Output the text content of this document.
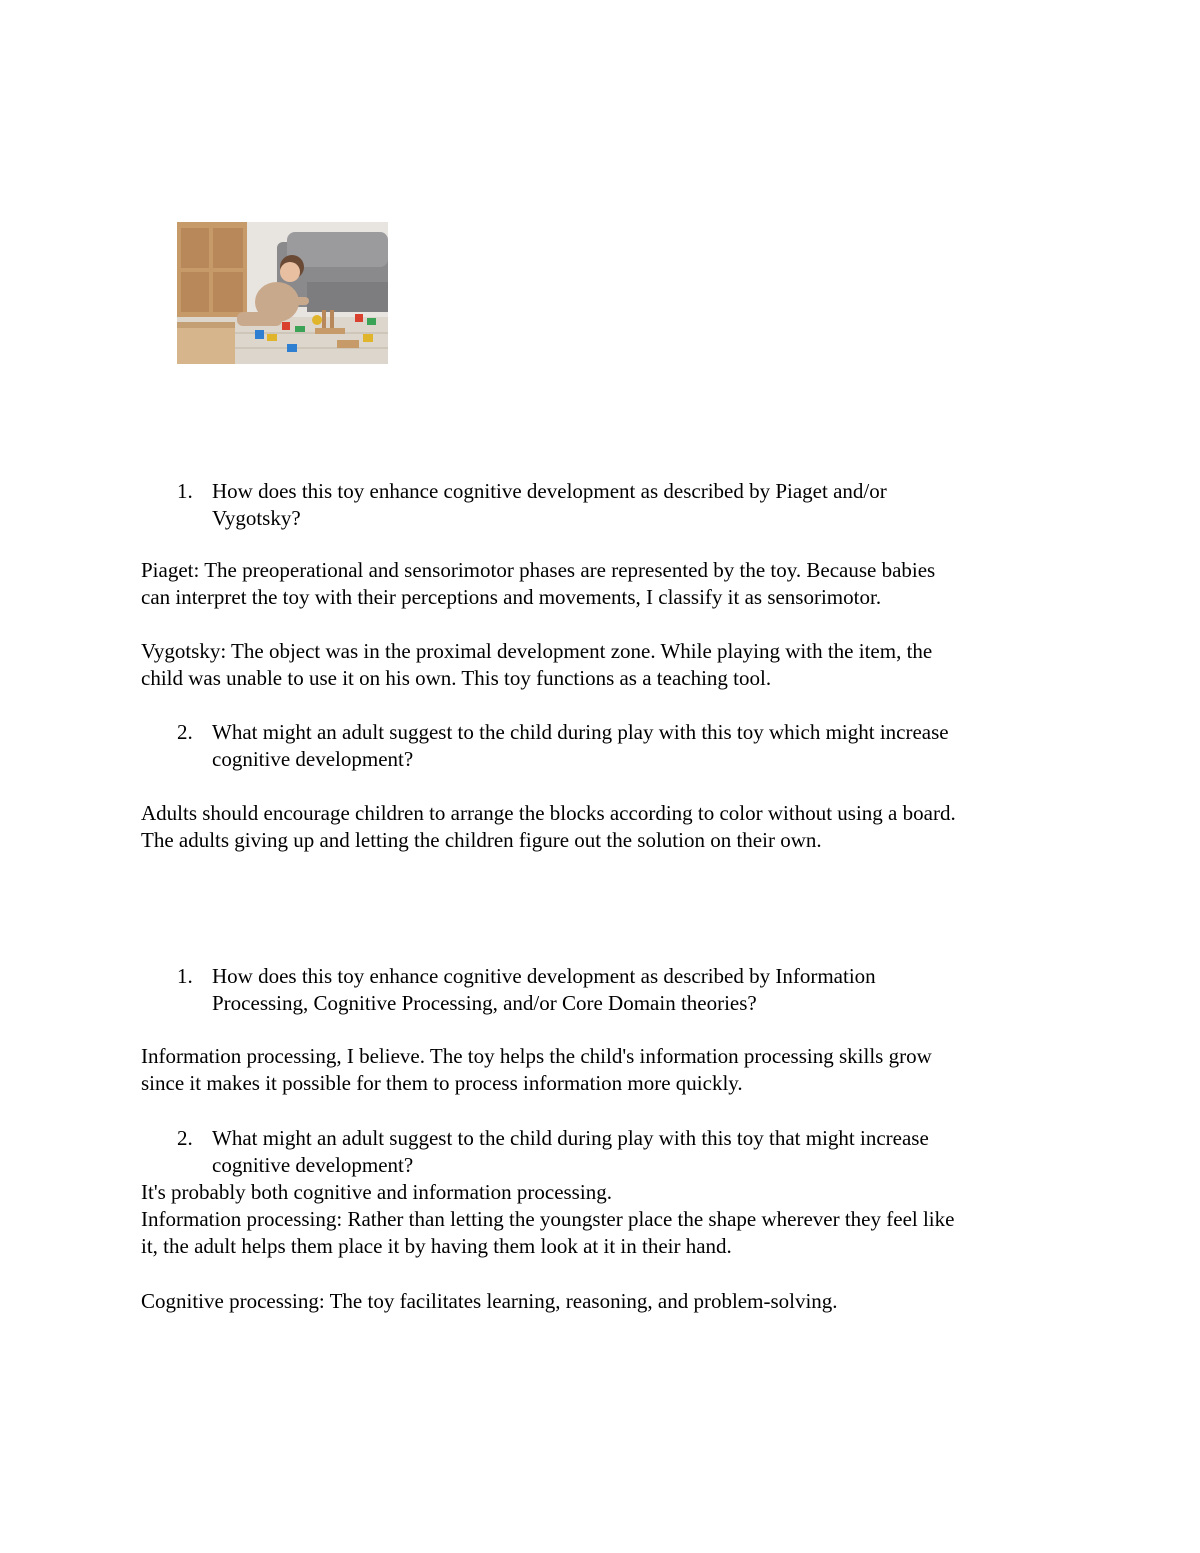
1. How does this toy enhance cognitive development as described by Piaget and/or
Vygotsky?
Piaget: The preoperational and sensorimotor phases are represented by the toy. Because babies
can interpret the toy with their perceptions and movements, I classify it as sensorimotor.
Vygotsky: The object was in the proximal development zone. While playing with the item, the
child was unable to use it on his own. This toy functions as a teaching tool.
2. What might an adult suggest to the child during play with this toy which might increase
cognitive development?
Adults should encourage children to arrange the blocks according to color without using a board.
The adults giving up and letting the children figure out the solution on their own.
1. How does this toy enhance cognitive development as described by Information
Processing, Cognitive Processing, and/or Core Domain theories?
Information processing, I believe. The toy helps the child's information processing skills grow
since it makes it possible for them to process information more quickly.
2. What might an adult suggest to the child during play with this toy that might increase
cognitive development?
It's probably both cognitive and information processing.
Information processing: Rather than letting the youngster place the shape wherever they feel like
it, the adult helps them place it by having them look at it in their hand.
Cognitive processing: The toy facilitates learning, reasoning, and problem-solving.
